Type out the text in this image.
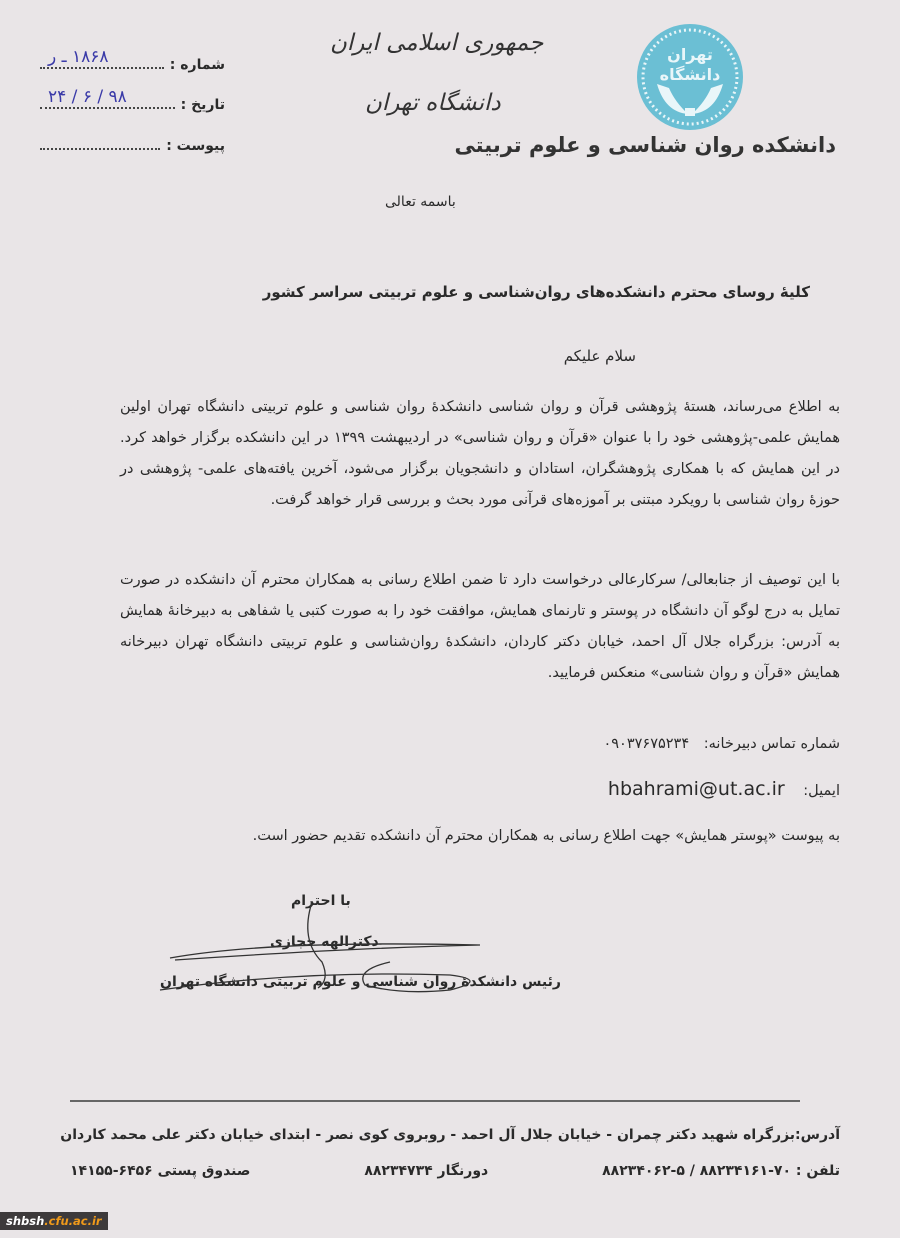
تهران
دانشگاه
دانشکده روان شناسی و علوم تربیتی
جمهوری اسلامی ایران
دانشگاه تهران
شماره :
۱۸۶۸ ـ ر
تاریخ :
۹۸ / ۶ / ۲۴
پیوست :
باسمه تعالی
کلیهٔ روسای محترم دانشکده‌های روان‌شناسی و علوم تربیتی سراسر کشور
سلام علیکم
به اطلاع می‌رساند، هستهٔ پژوهشی قرآن و روان شناسی دانشکدهٔ روان شناسی و علوم تربیتی دانشگاه تهران اولین همایش علمی-پژوهشی خود را با عنوان «قرآن و روان شناسی» در اردیبهشت ۱۳۹۹ در این دانشکده برگزار خواهد کرد. در این همایش که با همکاری پژوهشگران، استادان و دانشجویان برگزار می‌شود، آخرین یافته‌های علمی- پژوهشی در حوزهٔ روان شناسی با رویکرد مبتنی بر آموزه‌های قرآنی مورد بحث و بررسی قرار خواهد گرفت.
با این توصیف از جنابعالی/ سرکارعالی درخواست دارد تا ضمن اطلاع رسانی به همکاران محترم آن دانشکده در صورت تمایل به درج لوگو آن دانشگاه در پوستر و تارنمای همایش، موافقت خود را به صورت کتبی یا شفاهی به دبیرخانهٔ همایش به آدرس: بزرگراه جلال آل احمد، خیابان دکتر کاردان، دانشکدهٔ روان‌شناسی و علوم تربیتی دانشگاه تهران دبیرخانه همایش «قرآن و روان شناسی» منعکس فرمایید.
شماره تماس دبیرخانه: ۰۹۰۳۷۶۷۵۲۳۴
ایمیل: hbahrami@ut.ac.ir
به پیوست «پوستر همایش» جهت اطلاع رسانی به همکاران محترم آن دانشکده تقدیم حضور است.
با احترام
دکترالهه حجازی
رئیس دانشکدهٔ روان شناسی و علوم تربیتی دانشگاه تهران
آدرس:بزرگراه شهید دکتر چمران - خیابان جلال آل احمد - روبروی کوی نصر - ابتدای خیابان دکتر علی محمد کاردان
تلفن : ۷۰-۸۸۲۳۴۱۶۱ / ۵-۸۸۲۳۴۰۶۲
دورنگار ۸۸۲۳۴۷۳۴
صندوق پستی ۶۴۵۶-۱۴۱۵۵
shbsh.cfu.ac.ir
